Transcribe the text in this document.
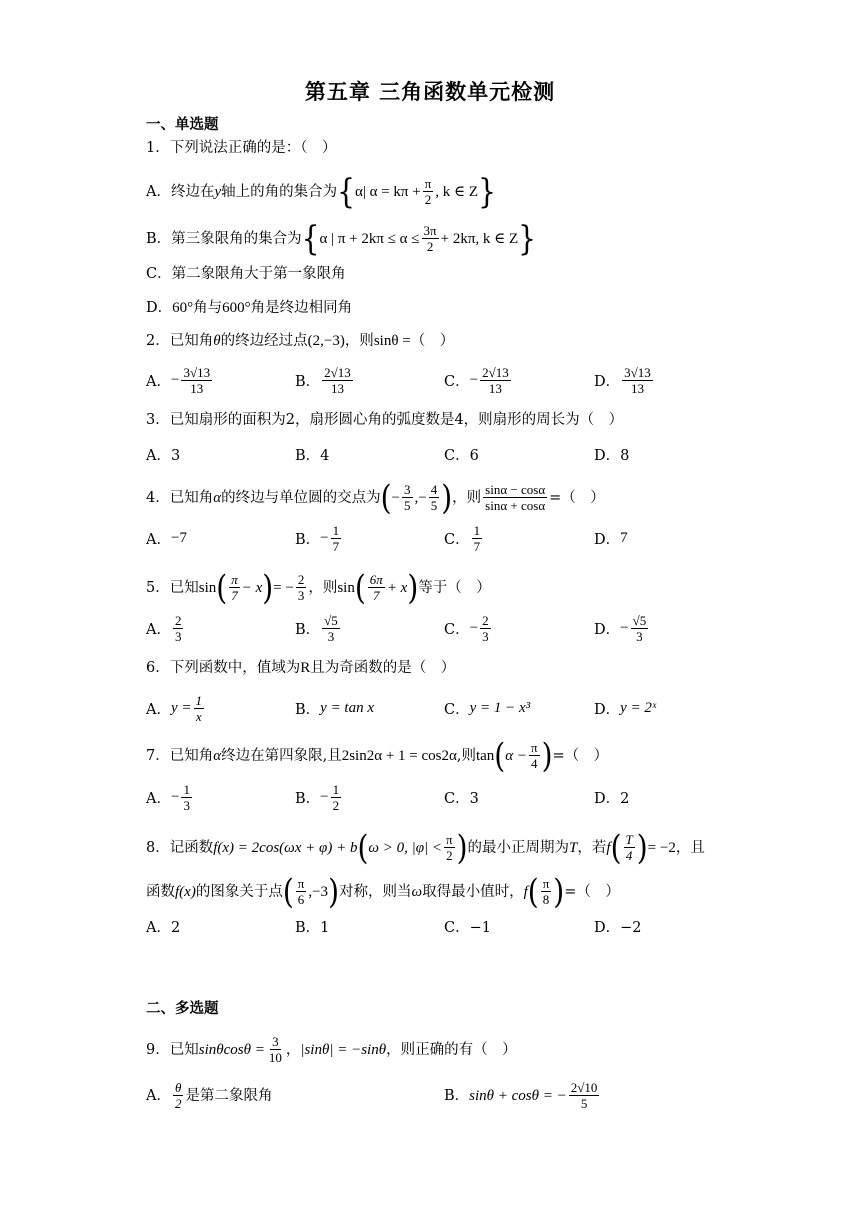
第五章 三角函数单元检测
一、单选题
1．下列说法正确的是：（　）
A． 终边在 y 轴上的角的集合为 { α| $\alpha = k\pi + \frac{\pi}{2}$ , k ∈ Z }
B． 第三象限角的集合为 { α | $\pi + 2k\pi \le \alpha \le \frac{3\pi}{2} + 2k\pi$, k ∈ Z }
C．第二象限角大于第一象限角
D． 60° 角与 600° 角是终边相同角
2．已知角 θ 的终边经过点 (2,−3) ，则 sinθ = （　）
A． − $\frac{3√13}{13}$	B． $\frac{2√13}{13}$	C． − $\frac{2√13}{13}$	D． $\frac{3√13}{13}$
3．已知扇形的面积为2，扇形圆心角的弧度数是4，则扇形的周长为（　）
A．3	B．4	C．6	D．8
4．已知角 α 的终边与单位圆的交点为 ( − $\frac{3}{5}$ ,− $\frac{4}{5}$ ) ，则 $\frac{\sin\alpha - \cos\alpha}{\sin\alpha + \cos\alpha}$ =（　）
A． −7	B． − $\frac{1}{7}$	C． $\frac{1}{7}$	D． 7
5．已知 sin ( $\frac{\pi}{7} - x$ ) = − $\frac{2}{3}$ ，则 sin ( $\frac{6\pi}{7} + x$ ) 等于（　）
A． $\frac{2}{3}$	B． $\frac{√5}{3}$	C． − $\frac{2}{3}$	D． − $\frac{√5}{3}$
6．下列函数中，值域为 R 且为奇函数的是（　）
A． $y = \frac{1}{x}$	B． y = tan x	C． y = 1 − x³	D． y = 2ˣ
7．已知角 α 终边在第四象限,且 2sin2α + 1 = cos2α ,则 tan ( $\alpha - \frac{\pi}{4}$ ) =（　）
A． − $\frac{1}{3}$	B． − $\frac{1}{2}$	C．3	D．2
8．记函数 f(x) = 2cos(ωx + φ) + b ( ω > 0, $|\varphi| < \frac{\pi}{2}$ ) 的最小正周期为 T ，若 f ( $\frac{T}{4}$ ) = −2 ，且
函数 f(x) 的图象关于点 ( $\frac{\pi}{6} ,-3$ ) 对称，则当 ω 取得最小值时， f ( $\frac{\pi}{8}$ ) =（　）
A．2	B．1	C．−1	D．−2
二、多选题
9．已知 $\sin\theta\cos\theta = \frac{3}{10}$ ， |sinθ| = −sinθ ，则正确的有（　）
A． $\frac{\theta}{2}$ 是第二象限角	B． sinθ + cosθ = − $\frac{2√10}{5}$
